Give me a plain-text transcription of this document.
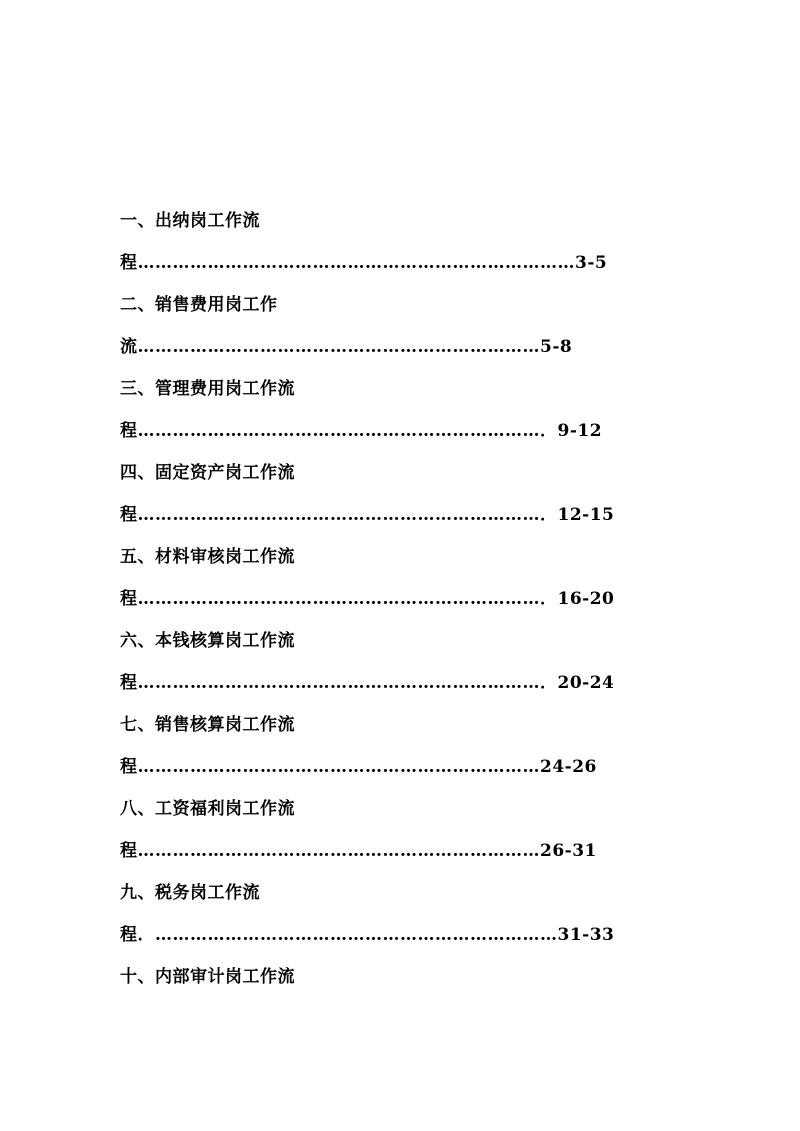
一、出纳岗工作流
程…………………………………………………………………3-5
二、销售费用岗工作
流……………………………………………………………5-8
三、管理费用岗工作流
程……………………………………………………………．9-12
四、固定资产岗工作流
程……………………………………………………………．12-15
五、材料审核岗工作流
程……………………………………………………………．16-20
六、本钱核算岗工作流
程……………………………………………………………．20-24
七、销售核算岗工作流
程……………………………………………………………24-26
八、工资福利岗工作流
程……………………………………………………………26-31
九、税务岗工作流
程．……………………………………………………………31-33
十、内部审计岗工作流
